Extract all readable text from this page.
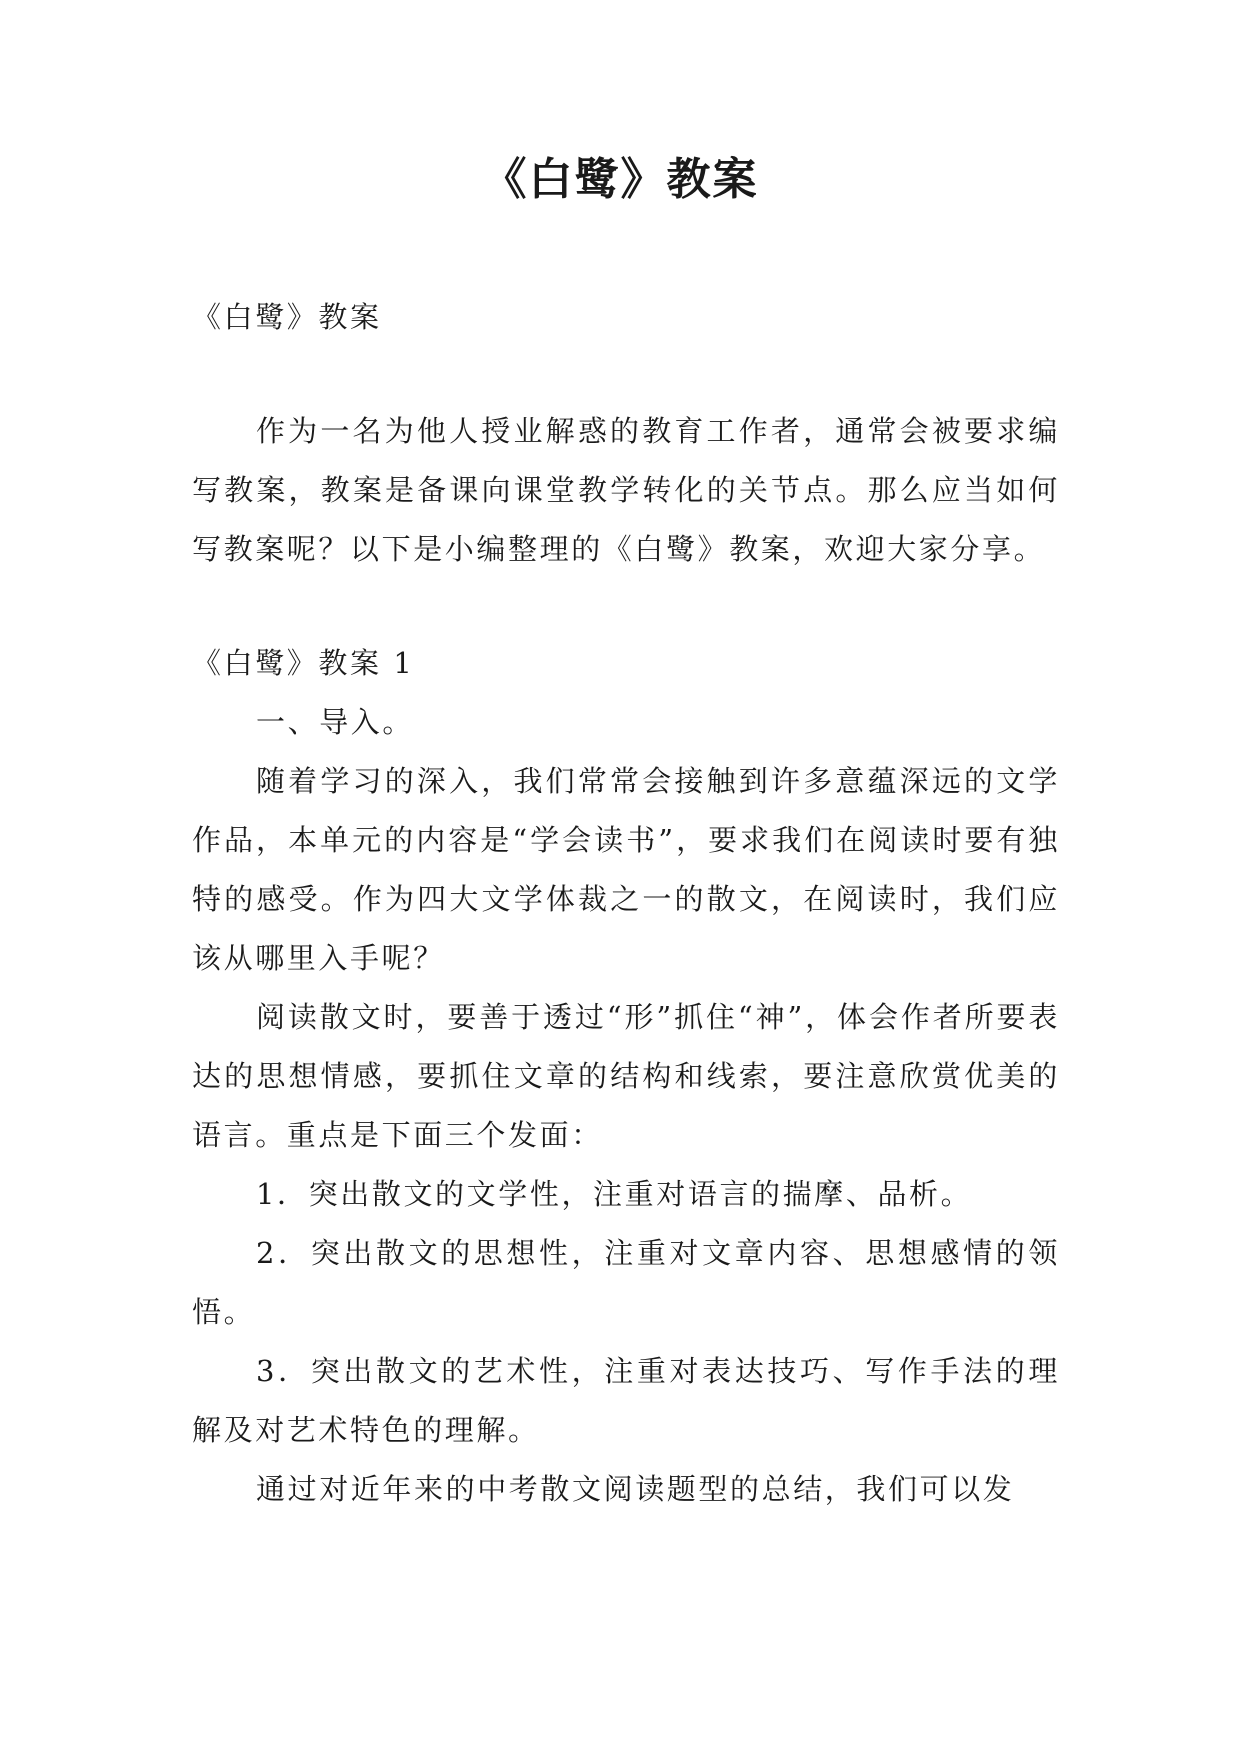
《白鹭》教案

《白鹭》教案

作为一名为他人授业解惑的教育工作者，通常会被要求编写教案，教案是备课向课堂教学转化的关节点。那么应当如何写教案呢？以下是小编整理的《白鹭》教案，欢迎大家分享。

《白鹭》教案 1

一、导入。

随着学习的深入，我们常常会接触到许多意蕴深远的文学作品，本单元的内容是“学会读书”，要求我们在阅读时要有独特的感受。作为四大文学体裁之一的散文，在阅读时，我们应该从哪里入手呢？

阅读散文时，要善于透过“形”抓住“神”，体会作者所要表达的思想情感，要抓住文章的结构和线索，要注意欣赏优美的语言。重点是下面三个发面：

1．突出散文的文学性，注重对语言的揣摩、品析。

2．突出散文的思想性，注重对文章内容、思想感情的领悟。

3．突出散文的艺术性，注重对表达技巧、写作手法的理解及对艺术特色的理解。

通过对近年来的中考散文阅读题型的总结，我们可以发
